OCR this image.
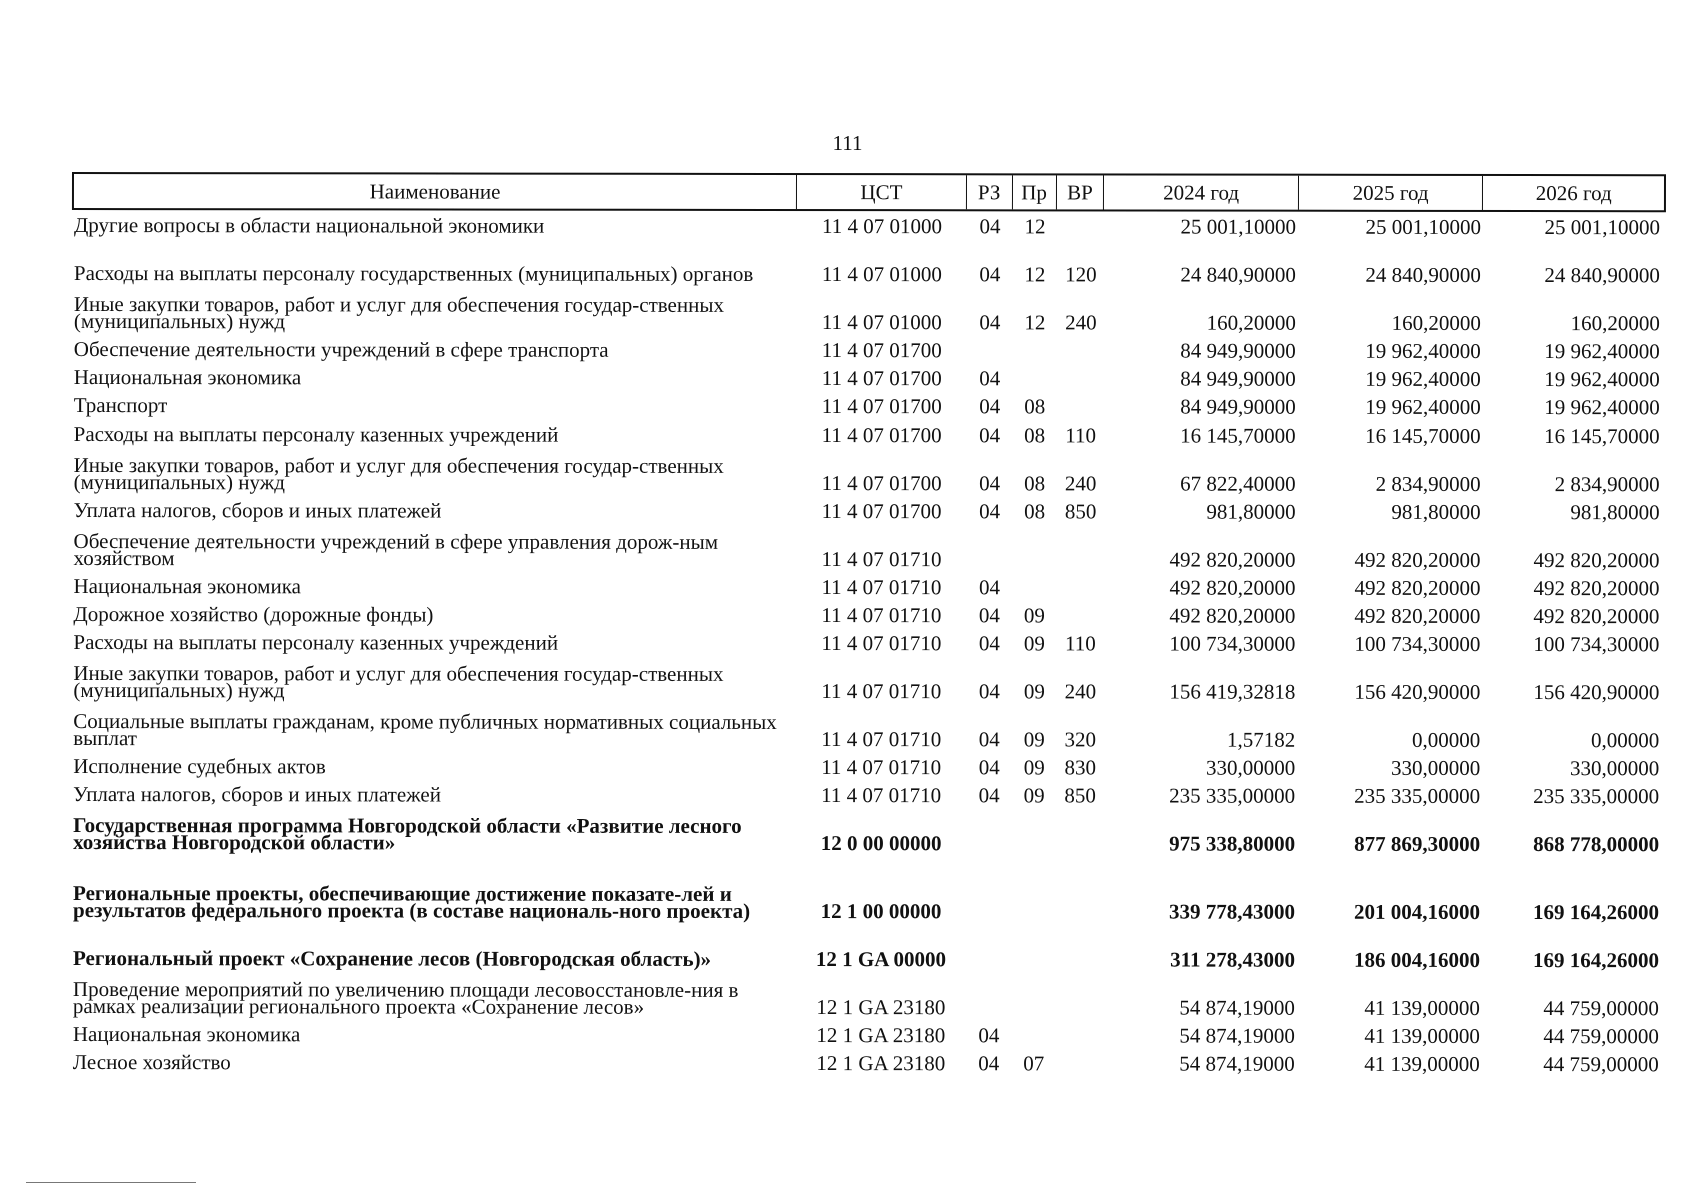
111
Наименование	ЦСТ	РЗ Пр ВР	2024 год	2025 год	2026 год
Другие вопросы в области национальной экономики	11 4 07 01000	04	12	25 001,10000	25 001,10000	25 001,10000
Расходы на выплаты персоналу государственных (муниципальных) органов	11 4 07 01000	04	12 120	24 840,90000	24 840,90000	24 840,90000
Иные закупки товаров, работ и услуг для обеспечения государ-ственных (муниципальных) нужд	11 4 07 01000	04	12 240	160,20000	160,20000	160,20000
Обеспечение деятельности учреждений в сфере транспорта	11 4 07 01700	84 949,90000	19 962,40000	19 962,40000
Национальная экономика	11 4 07 01700	04	84 949,90000	19 962,40000	19 962,40000
Транспорт	11 4 07 01700	04	08	84 949,90000	19 962,40000	19 962,40000
Расходы на выплаты персоналу казенных учреждений	11 4 07 01700	04	08 110	16 145,70000	16 145,70000	16 145,70000
Иные закупки товаров, работ и услуг для обеспечения государ-ственных (муниципальных) нужд	11 4 07 01700	04	08 240	67 822,40000	2 834,90000	2 834,90000
Уплата налогов, сборов и иных платежей	11 4 07 01700	04	08 850	981,80000	981,80000	981,80000
Обеспечение деятельности учреждений в сфере управления дорож-ным хозяйством	11 4 07 01710	492 820,20000	492 820,20000	492 820,20000
Национальная экономика	11 4 07 01710	04	492 820,20000	492 820,20000	492 820,20000
Дорожное хозяйство (дорожные фонды)	11 4 07 01710	04	09	492 820,20000	492 820,20000	492 820,20000
Расходы на выплаты персоналу казенных учреждений	11 4 07 01710	04	09 110	100 734,30000	100 734,30000	100 734,30000
Иные закупки товаров, работ и услуг для обеспечения государ-ственных (муниципальных) нужд	11 4 07 01710	04	09 240	156 419,32818	156 420,90000	156 420,90000
Социальные выплаты гражданам, кроме публичных нормативных социальных выплат	11 4 07 01710	04	09 320	1,57182	0,00000	0,00000
Исполнение судебных актов	11 4 07 01710	04	09 830	330,00000	330,00000	330,00000
Уплата налогов, сборов и иных платежей	11 4 07 01710	04	09 850	235 335,00000	235 335,00000	235 335,00000
Государственная программа Новгородской области «Развитие лесного хозяйства Новгородской области»	12 0 00 00000	975 338,80000	877 869,30000	868 778,00000
Региональные проекты, обеспечивающие достижение показате-лей и результатов федерального проекта (в составе националь-ного проекта)	12 1 00 00000	339 778,43000	201 004,16000	169 164,26000
Региональный проект «Сохранение лесов (Новгородская область)»	12 1 GA 00000	311 278,43000	186 004,16000	169 164,26000
Проведение мероприятий по увеличению площади лесовосстановле-ния в рамках реализации регионального проекта «Сохранение лесов»	12 1 GA 23180	54 874,19000	41 139,00000	44 759,00000
Национальная экономика	12 1 GA 23180	04	54 874,19000	41 139,00000	44 759,00000
Лесное хозяйство	12 1 GA 23180	04	07	54 874,19000	41 139,00000	44 759,00000
